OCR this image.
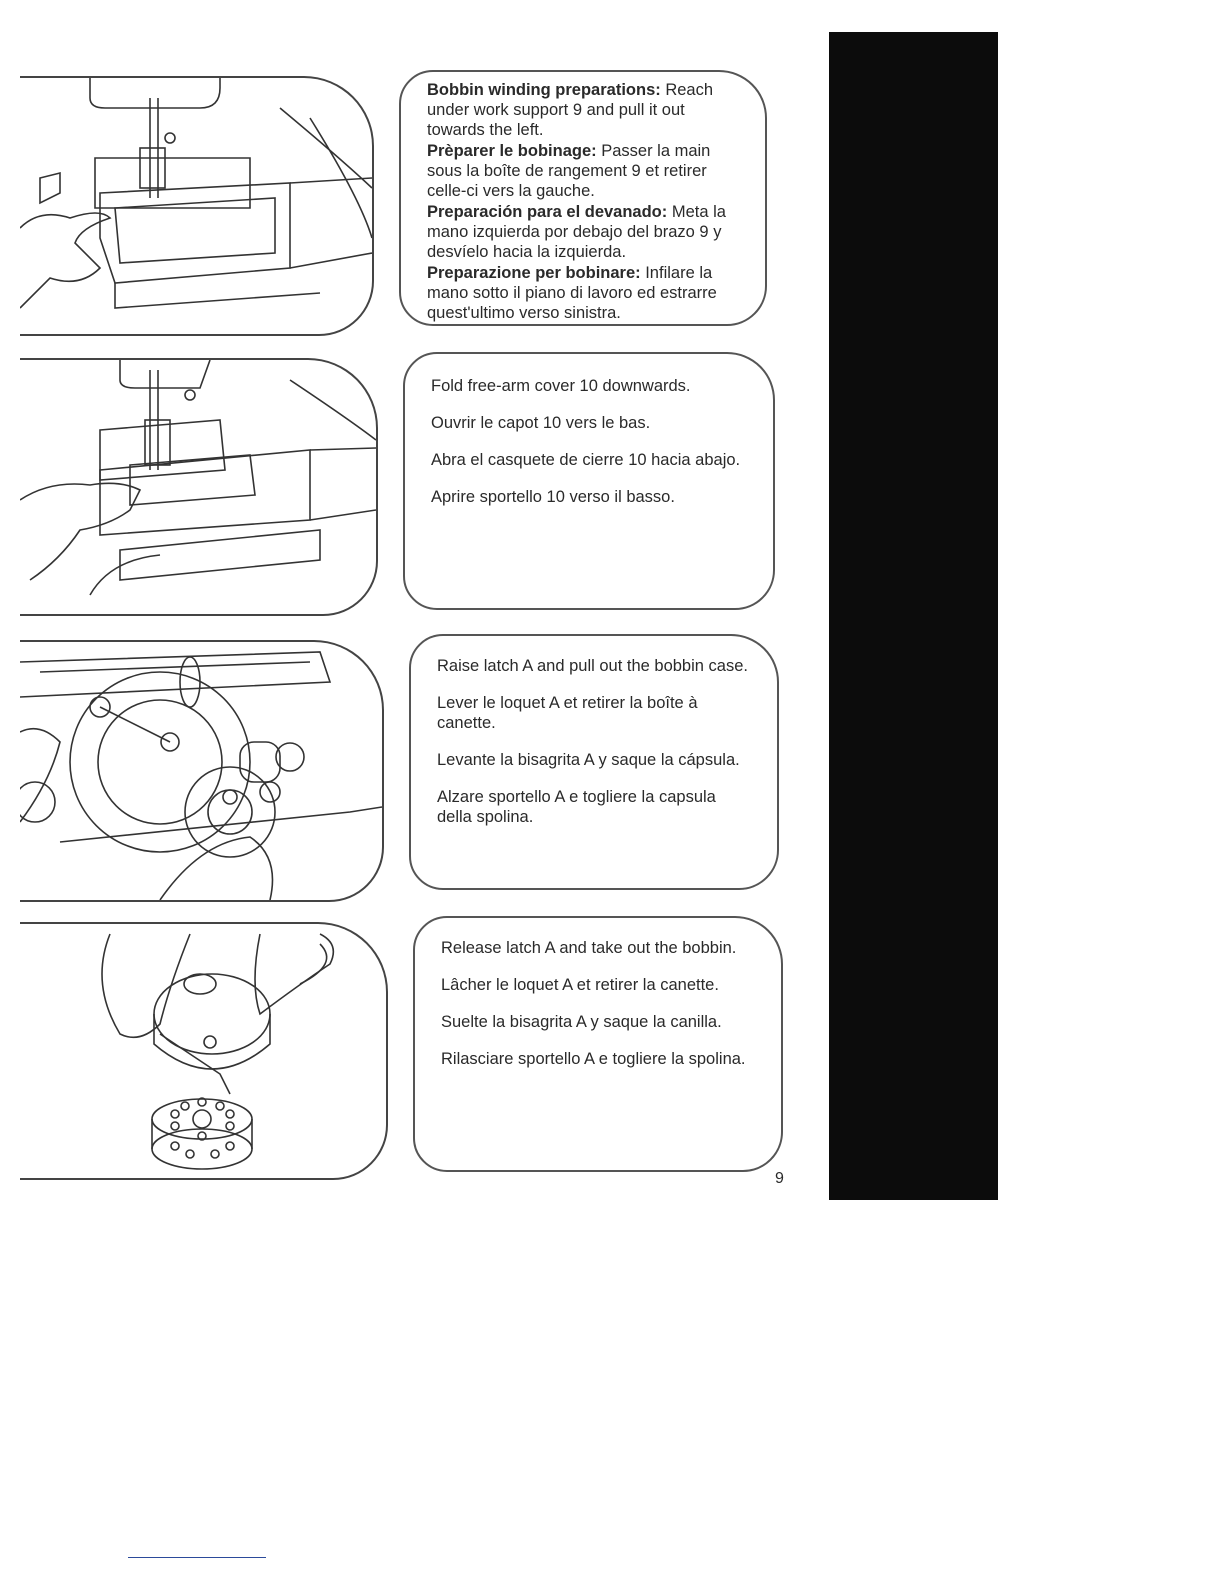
Bobbin winding preparations: Reach under work support 9 and pull it out towards the left.

Prèparer le bobinage: Passer la main sous la boîte de rangement 9 et retirer celle-ci vers la gauche.

Preparación para el devanado: Meta la mano izquierda por debajo del brazo 9 y desvíelo hacia la izquierda.

Preparazione per bobinare: Infilare la mano sotto il piano di lavoro ed estrarre quest'ultimo verso sinistra.

Fold free-arm cover 10 downwards.

Ouvrir le capot 10 vers le bas.

Abra el casquete de cierre 10 hacia abajo.

Aprire sportello 10 verso il basso.

Raise latch A and pull out the bobbin case.

Lever le loquet A et retirer la boîte à canette.

Levante la bisagrita A y saque la cápsula.

Alzare sportello A e togliere la capsula della spolina.

Release latch A and take out the bobbin.

Lâcher le loquet A et retirer la canette.

Suelte la bisagrita A y saque la canilla.

Rilasciare sportello A e togliere la spolina.

9
